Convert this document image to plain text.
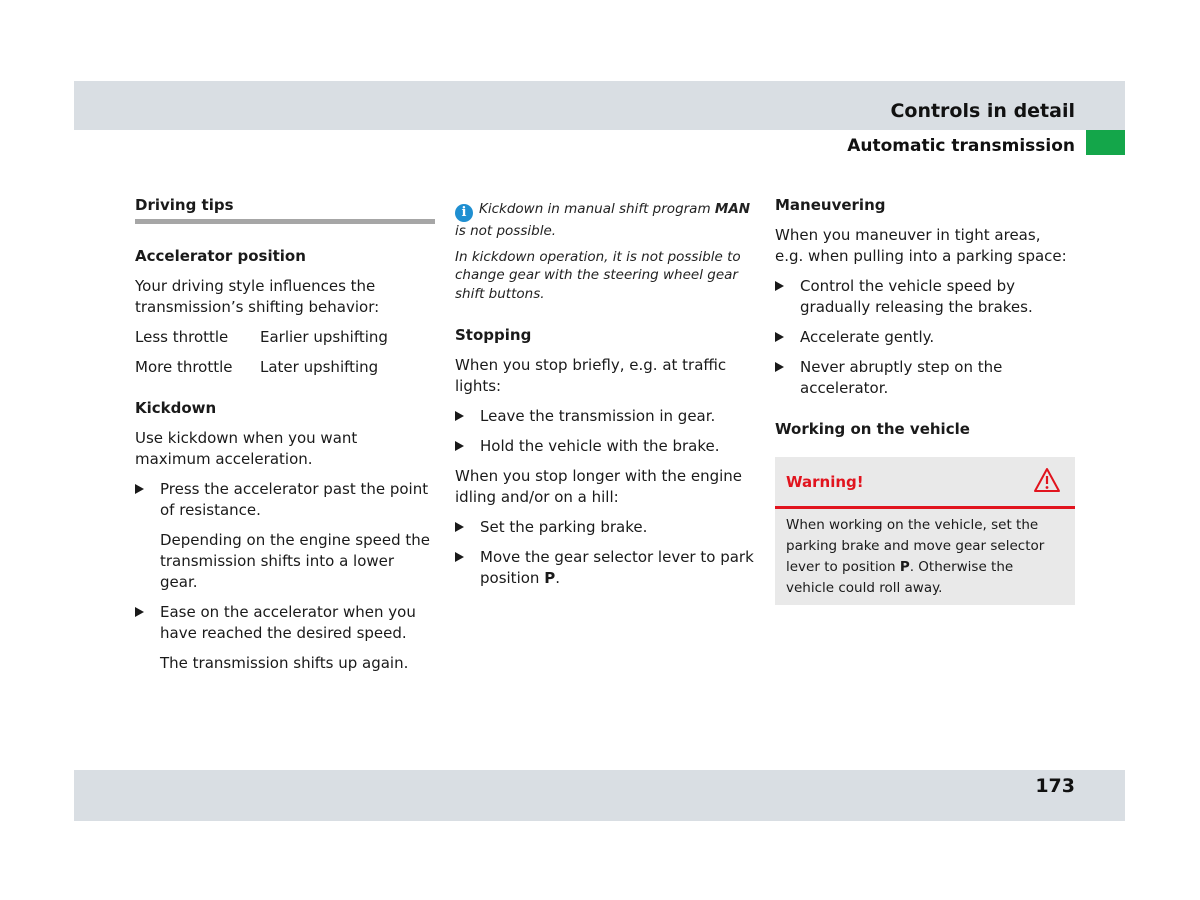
Controls in detail
Automatic transmission
Driving tips

Accelerator position

Your driving style influences the transmission’s shifting behavior:

Less throttle	Earlier upshifting
More throttle	Later upshifting

Kickdown

Use kickdown when you want maximum acceleration.

Press the accelerator past the point of resistance.

Depending on the engine speed the transmission shifts into a lower gear.

Ease on the accelerator when you have reached the desired speed.

The transmission shifts up again.

i Kickdown in manual shift program MAN is not possible.

In kickdown operation, it is not possible to change gear with the steering wheel gear shift buttons.

Stopping

When you stop briefly, e.g. at traffic lights:

Leave the transmission in gear.
Hold the vehicle with the brake.

When you stop longer with the engine idling and/or on a hill:

Set the parking brake.
Move the gear selector lever to park position P.

Maneuvering

When you maneuver in tight areas,
e.g. when pulling into a parking space:

Control the vehicle speed by gradually releasing the brakes.
Accelerate gently.
Never abruptly step on the accelerator.

Working on the vehicle

Warning!

When working on the vehicle, set the parking brake and move gear selector lever to position P. Otherwise the vehicle could roll away.

173
